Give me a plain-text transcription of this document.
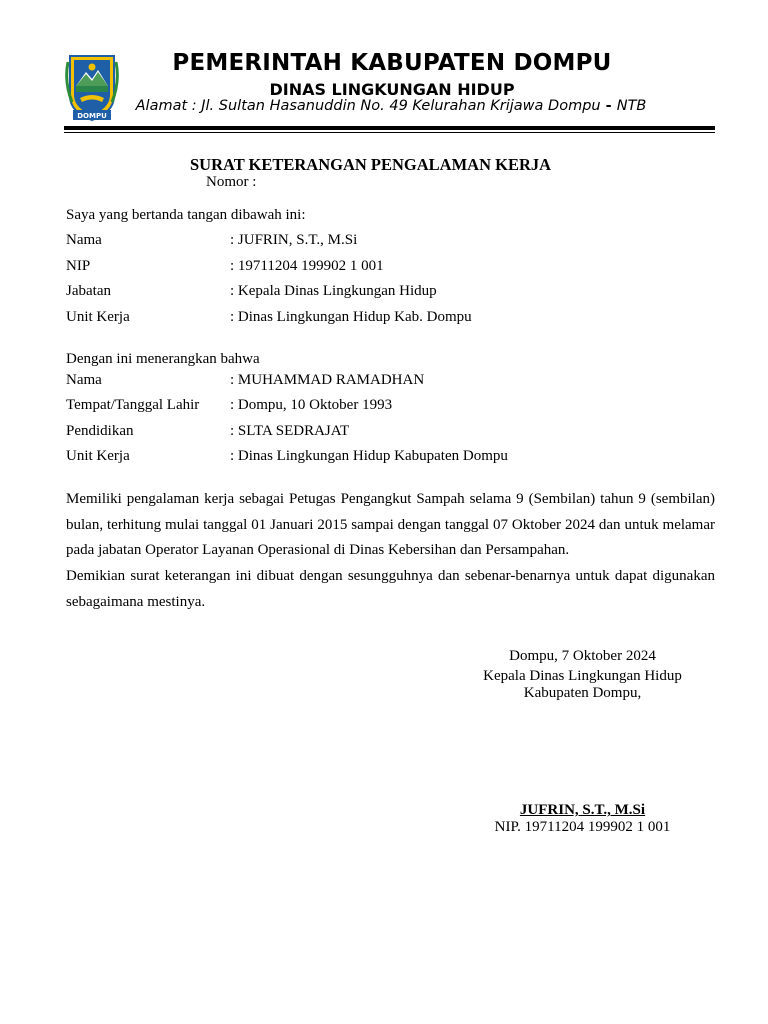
DOMPU
PEMERINTAH KABUPATEN DOMPU
DINAS LINGKUNGAN HIDUP
Alamat : Jl. Sultan Hasanuddin No. 49 Kelurahan Krijawa Dompu - NTB
SURAT KETERANGAN PENGALAMAN KERJA
Nomor :
Saya yang bertanda tangan dibawah ini:
Nama	: JUFRIN, S.T., M.Si
NIP	: 19711204 199902 1 001
Jabatan	: Kepala Dinas Lingkungan Hidup
Unit Kerja	: Dinas Lingkungan Hidup Kab. Dompu
Dengan ini menerangkan bahwa
Nama	: MUHAMMAD RAMADHAN
Tempat/Tanggal Lahir : Dompu, 10 Oktober 1993
Pendidikan	: SLTA SEDRAJAT
Unit Kerja	: Dinas Lingkungan Hidup Kabupaten Dompu
Memiliki pengalaman kerja sebagai Petugas Pengangkut Sampah selama 9 (Sembilan) tahun 9 (sembilan) bulan, terhitung mulai tanggal 01 Januari 2015 sampai dengan tanggal 07 Oktober 2024 dan untuk melamar pada jabatan Operator Layanan Operasional di Dinas Kebersihan dan Persampahan.
Demikian surat keterangan ini dibuat dengan sesungguhnya dan sebenar-benarnya untuk dapat digunakan sebagaimana mestinya.
Dompu, 7 Oktober 2024
Kepala Dinas Lingkungan Hidup
Kabupaten Dompu,
JUFRIN, S.T., M.Si
NIP. 19711204 199902 1 001
